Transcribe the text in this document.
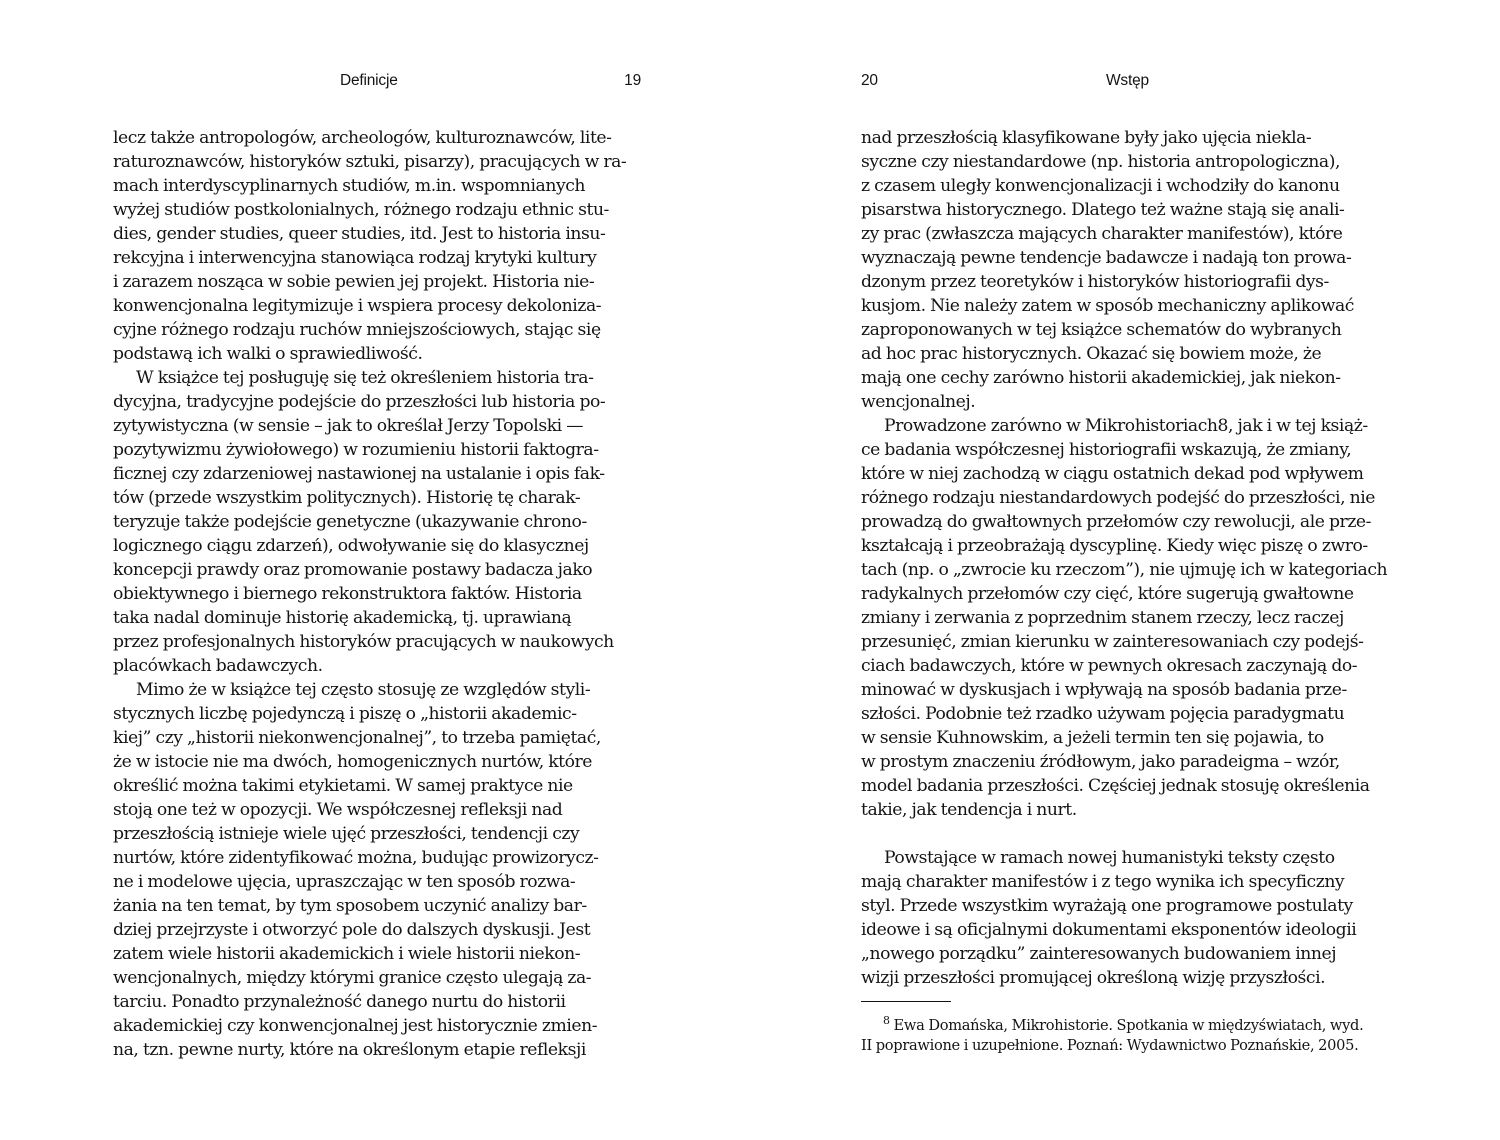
Definicje	19
lecz także antropologów, archeologów, kulturoznawców, lite-
raturoznawców, historyków sztuki, pisarzy), pracujących w ra-
mach interdyscyplinarnych studiów, m.in. wspomnianych
wyżej studiów postkolonialnych, różnego rodzaju ethnic stu-
dies, gender studies, queer studies, itd. Jest to historia insu-
rekcyjna i interwencyjna stanowiąca rodzaj krytyki kultury
i zarazem nosząca w sobie pewien jej projekt. Historia nie-
konwencjonalna legitymizuje i wspiera procesy dekoloniza-
cyjne różnego rodzaju ruchów mniejszościowych, stając się
podstawą ich walki o sprawiedliwość.
W książce tej posługuję się też określeniem historia tra-
dycyjna, tradycyjne podejście do przeszłości lub historia po-
zytywistyczna (w sensie – jak to określał Jerzy Topolski —
pozytywizmu żywiołowego) w rozumieniu historii faktogra-
ficznej czy zdarzeniowej nastawionej na ustalanie i opis fak-
tów (przede wszystkim politycznych). Historię tę charak-
teryzuje także podejście genetyczne (ukazywanie chrono-
logicznego ciągu zdarzeń), odwoływanie się do klasycznej
koncepcji prawdy oraz promowanie postawy badacza jako
obiektywnego i biernego rekonstruktora faktów. Historia
taka nadal dominuje historię akademicką, tj. uprawianą
przez profesjonalnych historyków pracujących w naukowych
placówkach badawczych.
Mimo że w książce tej często stosuję ze względów styli-
stycznych liczbę pojedynczą i piszę o „historii akademic-
kiej” czy „historii niekonwencjonalnej”, to trzeba pamiętać,
że w istocie nie ma dwóch, homogenicznych nurtów, które
określić można takimi etykietami. W samej praktyce nie
stoją one też w opozycji. We współczesnej refleksji nad
przeszłością istnieje wiele ujęć przeszłości, tendencji czy
nurtów, które zidentyfikować można, budując prowizorycz-
ne i modelowe ujęcia, upraszczając w ten sposób rozwa-
żania na ten temat, by tym sposobem uczynić analizy bar-
dziej przejrzyste i otworzyć pole do dalszych dyskusji. Jest
zatem wiele historii akademickich i wiele historii niekon-
wencjonalnych, między którymi granice często ulegają za-
tarciu. Ponadto przynależność danego nurtu do historii
akademickiej czy konwencjonalnej jest historycznie zmien-
na, tzn. pewne nurty, które na określonym etapie refleksji
20	Wstęp
nad przeszłością klasyfikowane były jako ujęcia niekla-
syczne czy niestandardowe (np. historia antropologiczna),
z czasem uległy konwencjonalizacji i wchodziły do kanonu
pisarstwa historycznego. Dlatego też ważne stają się anali-
zy prac (zwłaszcza mających charakter manifestów), które
wyznaczają pewne tendencje badawcze i nadają ton prowa-
dzonym przez teoretyków i historyków historiografii dys-
kusjom. Nie należy zatem w sposób mechaniczny aplikować
zaproponowanych w tej książce schematów do wybranych
ad hoc prac historycznych. Okazać się bowiem może, że
mają one cechy zarówno historii akademickiej, jak niekon-
wencjonalnej.
Prowadzone zarówno w Mikrohistoriach8, jak i w tej książ-
ce badania współczesnej historiografii wskazują, że zmiany,
które w niej zachodzą w ciągu ostatnich dekad pod wpływem
różnego rodzaju niestandardowych podejść do przeszłości, nie
prowadzą do gwałtownych przełomów czy rewolucji, ale prze-
kształcają i przeobrażają dyscyplinę. Kiedy więc piszę o zwro-
tach (np. o „zwrocie ku rzeczom”), nie ujmuję ich w kategoriach
radykalnych przełomów czy cięć, które sugerują gwałtowne
zmiany i zerwania z poprzednim stanem rzeczy, lecz raczej
przesunięć, zmian kierunku w zainteresowaniach czy podejś-
ciach badawczych, które w pewnych okresach zaczynają do-
minować w dyskusjach i wpływają na sposób badania prze-
szłości. Podobnie też rzadko używam pojęcia paradygmatu
w sensie Kuhnowskim, a jeżeli termin ten się pojawia, to
w prostym znaczeniu źródłowym, jako paradeigma – wzór,
model badania przeszłości. Częściej jednak stosuję określenia
takie, jak tendencja i nurt.
Powstające w ramach nowej humanistyki teksty często
mają charakter manifestów i z tego wynika ich specyficzny
styl. Przede wszystkim wyrażają one programowe postulaty
ideowe i są oficjalnymi dokumentami eksponentów ideologii
„nowego porządku” zainteresowanych budowaniem innej
wizji przeszłości promującej określoną wizję przyszłości.
$^8$ Ewa Domańska, Mikrohistorie. Spotkania w międzyświatach, wyd.
II poprawione i uzupełnione. Poznań: Wydawnictwo Poznańskie, 2005.
